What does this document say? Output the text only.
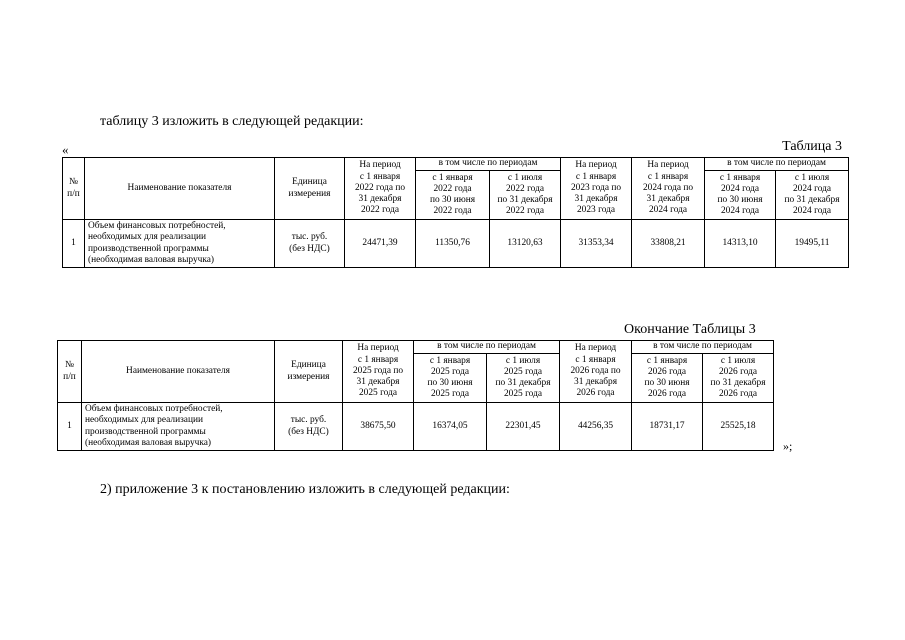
таблицу 3 изложить в следующей редакции:
«	Таблица 3
№
п/п	Наименование показателя	Единица
измерения	На период
с 1 января
2022 года по
31 декабря
2022 года	в том числе по периодам		На период
с 1 января
2023 года по
31 декабря
2023 года	На период
с 1 января
2024 года по
31 декабря
2024 года	в том числе по периодам	
				с 1 января
2022 года
по 30 июня
2022 года	с 1 июля
2022 года
по 31 декабря
2022 года			с 1 января
2024 года
по 30 июня
2024 года	с 1 июля
2024 года
по 31 декабря
2024 года
1	Объем финансовых потребностей,
необходимых для реализации
производственной программы
(необходимая валовая выручка)	тыс. руб.
(без НДС)	24471,39	11350,76	13120,63	31353,34	33808,21	14313,10	19495,11
Окончание Таблицы 3
№
п/п	Наименование показателя	Единица
измерения	На период
с 1 января
2025 года по
31 декабря
2025 года	в том числе по периодам		На период
с 1 января
2026 года по
31 декабря
2026 года	в том числе по периодам	
				с 1 января
2025 года
по 30 июня
2025 года	с 1 июля
2025 года
по 31 декабря
2025 года		с 1 января
2026 года
по 30 июня
2026 года	с 1 июля
2026 года
по 31 декабря
2026 года
1	Объем финансовых потребностей,
необходимых для реализации
производственной программы
(необходимая валовая выручка)	тыс. руб.
(без НДС)	38675,50	16374,05	22301,45	44256,35	18731,17	25525,18
»;
2) приложение 3 к постановлению изложить в следующей редакции:
